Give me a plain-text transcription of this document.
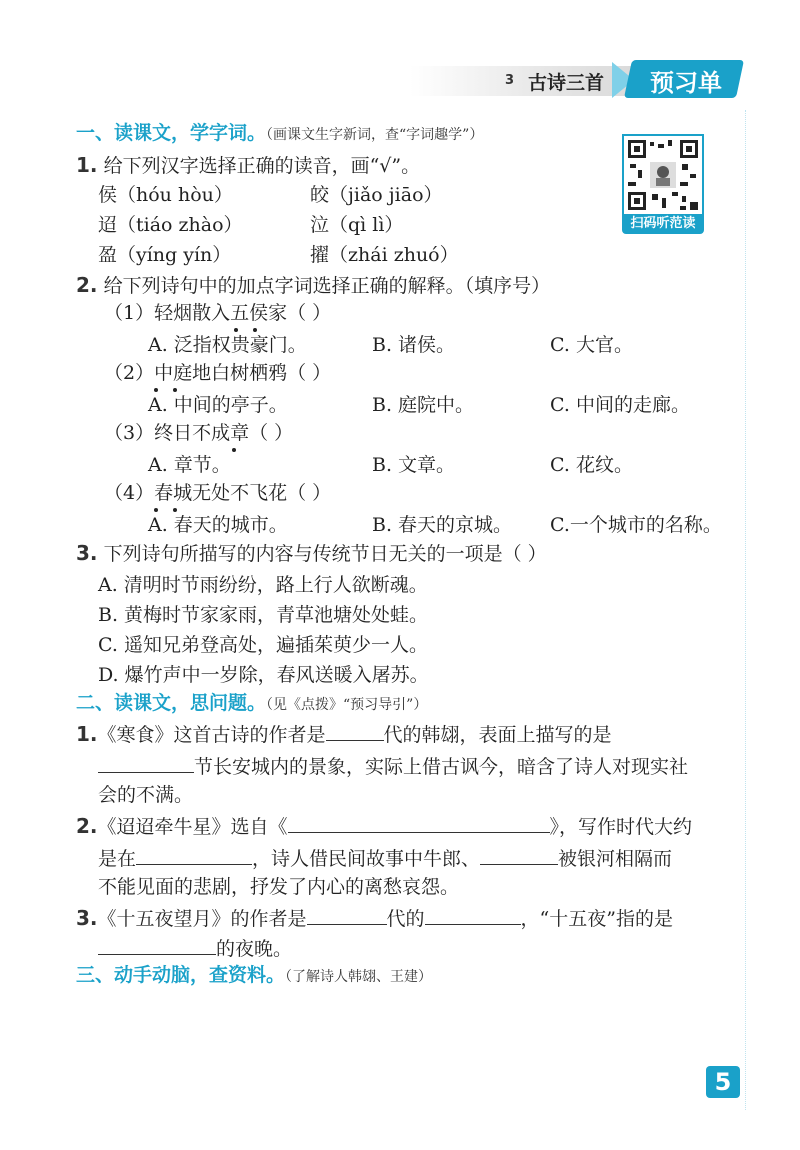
3 古诗三首 预习单
扫码听范读
一、读课文，学字词。（画课文生字新词，查“字词趣学”）
1. 给下列汉字选择正确的读音，画“√”。
侯（hóu hòu）	皎（jiǎo jiāo）
迢（tiáo zhào）	泣（qì lì）
盈（yíng yín）	擢（zhái zhuó）
2. 给下列诗句中的加点字词选择正确的解释。（填序号）
（1）轻烟散入五侯家（ ）
A. 泛指权贵豪门。	B. 诸侯。	C. 大官。
（2）中庭地白树栖鸦（ ）
A. 中间的亭子。	B. 庭院中。	C. 中间的走廊。
（3）终日不成章（ ）
A. 章节。	B. 文章。	C. 花纹。
（4）春城无处不飞花（ ）
A. 春天的城市。	B. 春天的京城。 C.一个城市的名称。
3. 下列诗句所描写的内容与传统节日无关的一项是（ ）
A. 清明时节雨纷纷，路上行人欲断魂。
B. 黄梅时节家家雨，青草池塘处处蛙。
C. 遥知兄弟登高处，遍插茱萸少一人。
D. 爆竹声中一岁除，春风送暖入屠苏。
二、读课文，思问题。（见《点拨》“预习导引”）
1.《寒食》这首古诗的作者是	代的韩翃，表面上描写的是
节长安城内的景象，实际上借古讽今，暗含了诗人对现实社
会的不满。
2.《迢迢牵牛星》选自《	》，写作时代大约
是在	，诗人借民间故事中牛郎、	被银河相隔而
不能见面的悲剧，抒发了内心的离愁哀怨。
3.《十五夜望月》的作者是	代的	，“十五夜”指的是
的夜晚。
三、动手动脑，查资料。（了解诗人韩翃、王建）
5
